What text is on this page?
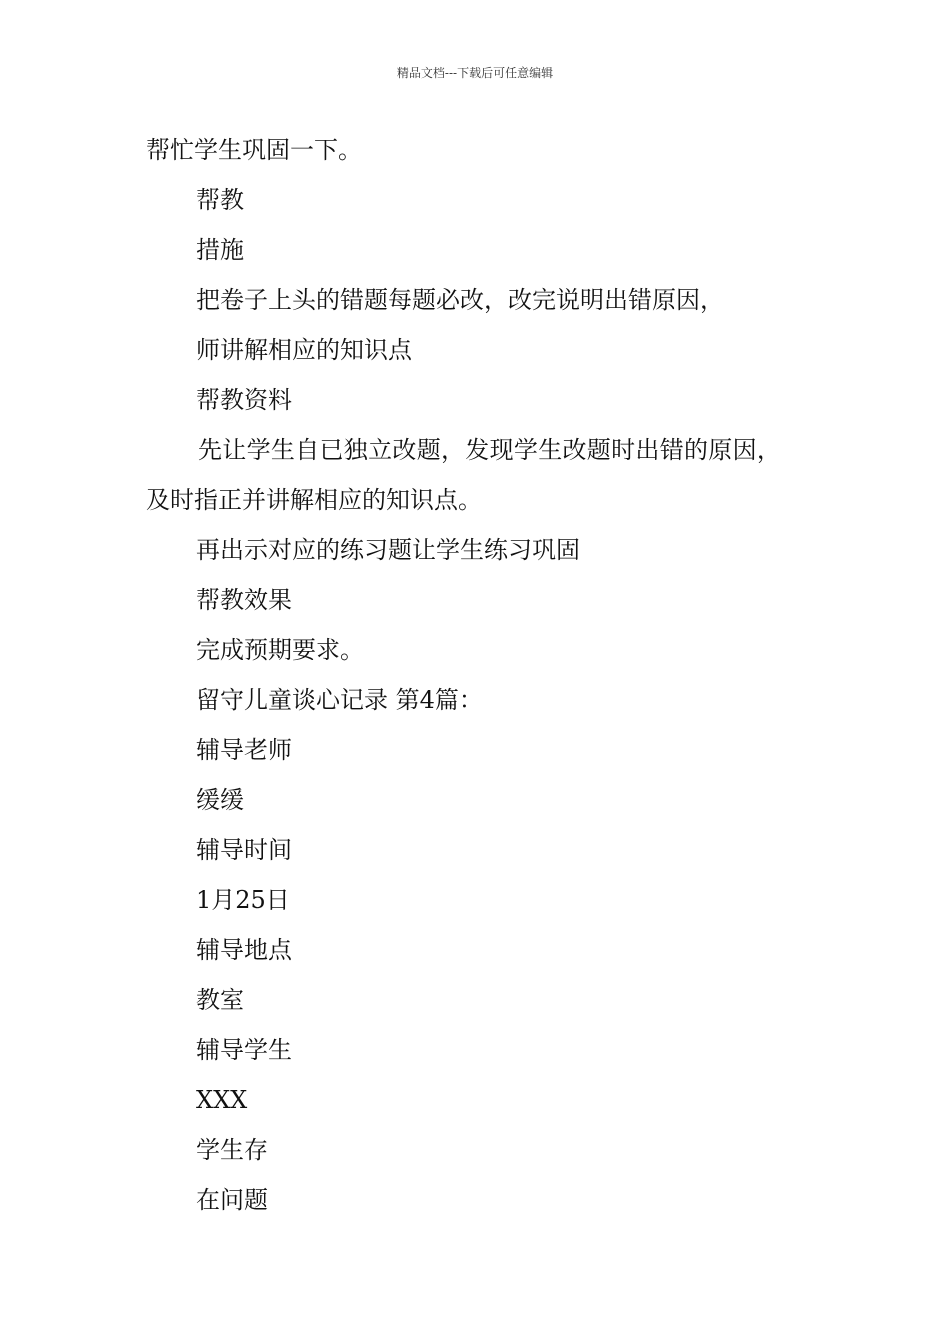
精品文档---下载后可任意编辑
帮忙学生巩固一下。
帮教
措施
把卷子上头的错题每题必改，改完说明出错原因，
师讲解相应的知识点
帮教资料
先让学生自已独立改题，发现学生改题时出错的原因，
及时指正并讲解相应的知识点。
再出示对应的练习题让学生练习巩固
帮教效果
完成预期要求。
留守儿童谈心记录 第4篇：
辅导老师
缓缓
辅导时间
1月25日
辅导地点
教室
辅导学生
XXX
学生存
在问题
